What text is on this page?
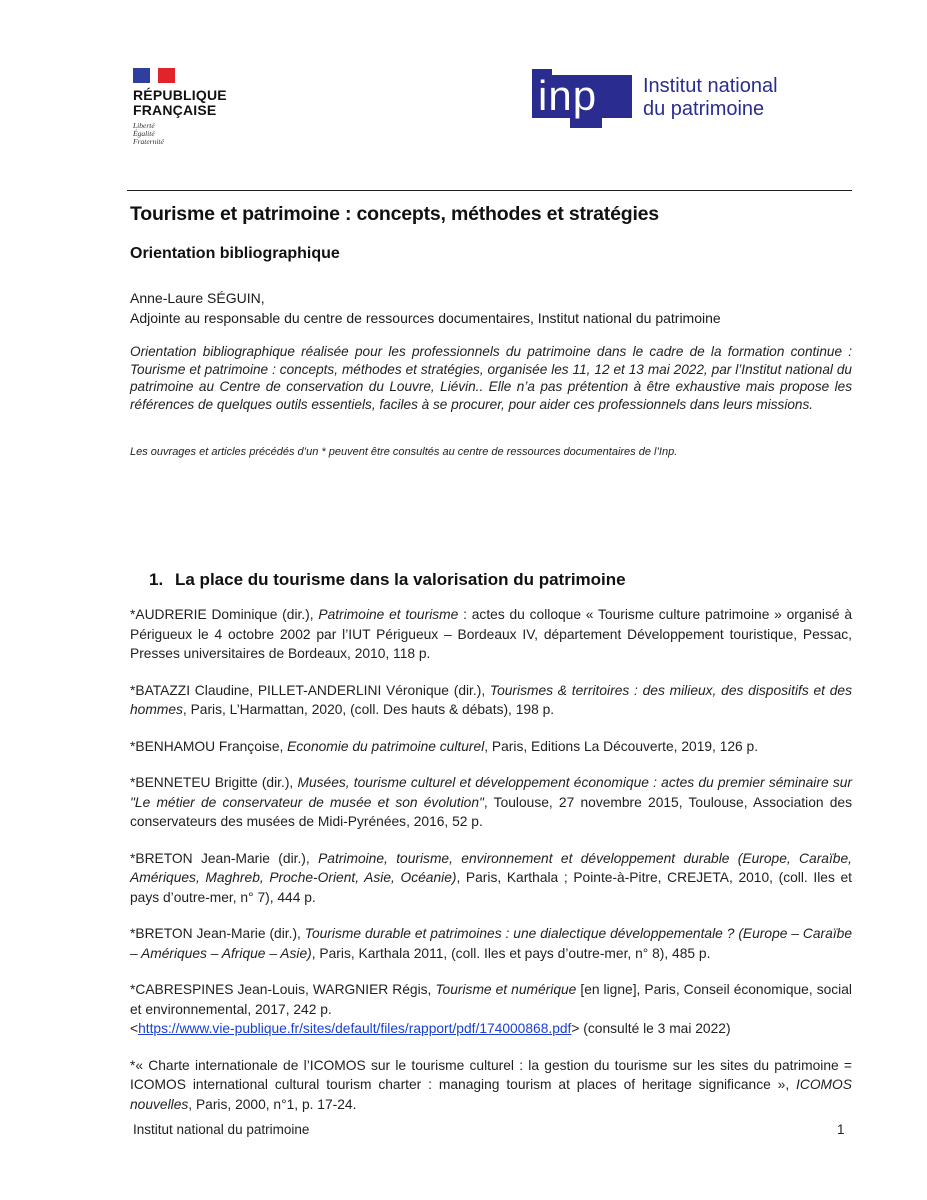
RÉPUBLIQUE
FRANÇAISE
Liberté
Égalité
Fraternité
inp Institut national
du patrimoine
Tourisme et patrimoine : concepts, méthodes et stratégies
Orientation bibliographique
Anne-Laure SÉGUIN,
Adjointe au responsable du centre de ressources documentaires, Institut national du patrimoine
Orientation bibliographique réalisée pour les professionnels du patrimoine dans le cadre de la formation continue : Tourisme et patrimoine : concepts, méthodes et stratégies, organisée les 11, 12 et 13 mai 2022, par l’Institut national du patrimoine au Centre de conservation du Louvre, Liévin.. Elle n’a pas prétention à être exhaustive mais propose les références de quelques outils essentiels, faciles à se procurer, pour aider ces professionnels dans leurs missions.
Les ouvrages et articles précédés d’un * peuvent être consultés au centre de ressources documentaires de l’Inp.
1. La place du tourisme dans la valorisation du patrimoine

*AUDRERIE Dominique (dir.), Patrimoine et tourisme : actes du colloque « Tourisme culture patrimoine » organisé à Périgueux le 4 octobre 2002 par l’IUT Périgueux – Bordeaux IV, département Développement touristique, Pessac, Presses universitaires de Bordeaux, 2010, 118 p.

*BATAZZI Claudine, PILLET-ANDERLINI Véronique (dir.), Tourismes & territoires : des milieux, des dispositifs et des hommes, Paris, L’Harmattan, 2020, (coll. Des hauts & débats), 198 p.

*BENHAMOU Françoise, Economie du patrimoine culturel, Paris, Editions La Découverte, 2019, 126 p.

*BENNETEU Brigitte (dir.), Musées, tourisme culturel et développement économique : actes du premier séminaire sur "Le métier de conservateur de musée et son évolution", Toulouse, 27 novembre 2015, Toulouse, Association des conservateurs des musées de Midi-Pyrénées, 2016, 52 p.

*BRETON Jean-Marie (dir.), Patrimoine, tourisme, environnement et développement durable (Europe, Caraïbe, Amériques, Maghreb, Proche-Orient, Asie, Océanie), Paris, Karthala ; Pointe-à-Pitre, CREJETA, 2010, (coll. Iles et pays d’outre-mer, n° 7), 444 p.

*BRETON Jean-Marie (dir.), Tourisme durable et patrimoines : une dialectique développementale ? (Europe – Caraïbe – Amériques – Afrique – Asie), Paris, Karthala 2011, (coll. Iles et pays d’outre-mer, n° 8), 485 p.

*CABRESPINES Jean-Louis, WARGNIER Régis, Tourisme et numérique [en ligne], Paris, Conseil économique, social et environnemental, 2017, 242 p.
<https://www.vie-publique.fr/sites/default/files/rapport/pdf/174000868.pdf> (consulté le 3 mai 2022)

*« Charte internationale de l’ICOMOS sur le tourisme culturel : la gestion du tourisme sur les sites du patrimoine = ICOMOS international cultural tourism charter : managing tourism at places of heritage significance », ICOMOS nouvelles, Paris, 2000, n°1, p. 17-24.

Institut national du patrimoine	1
